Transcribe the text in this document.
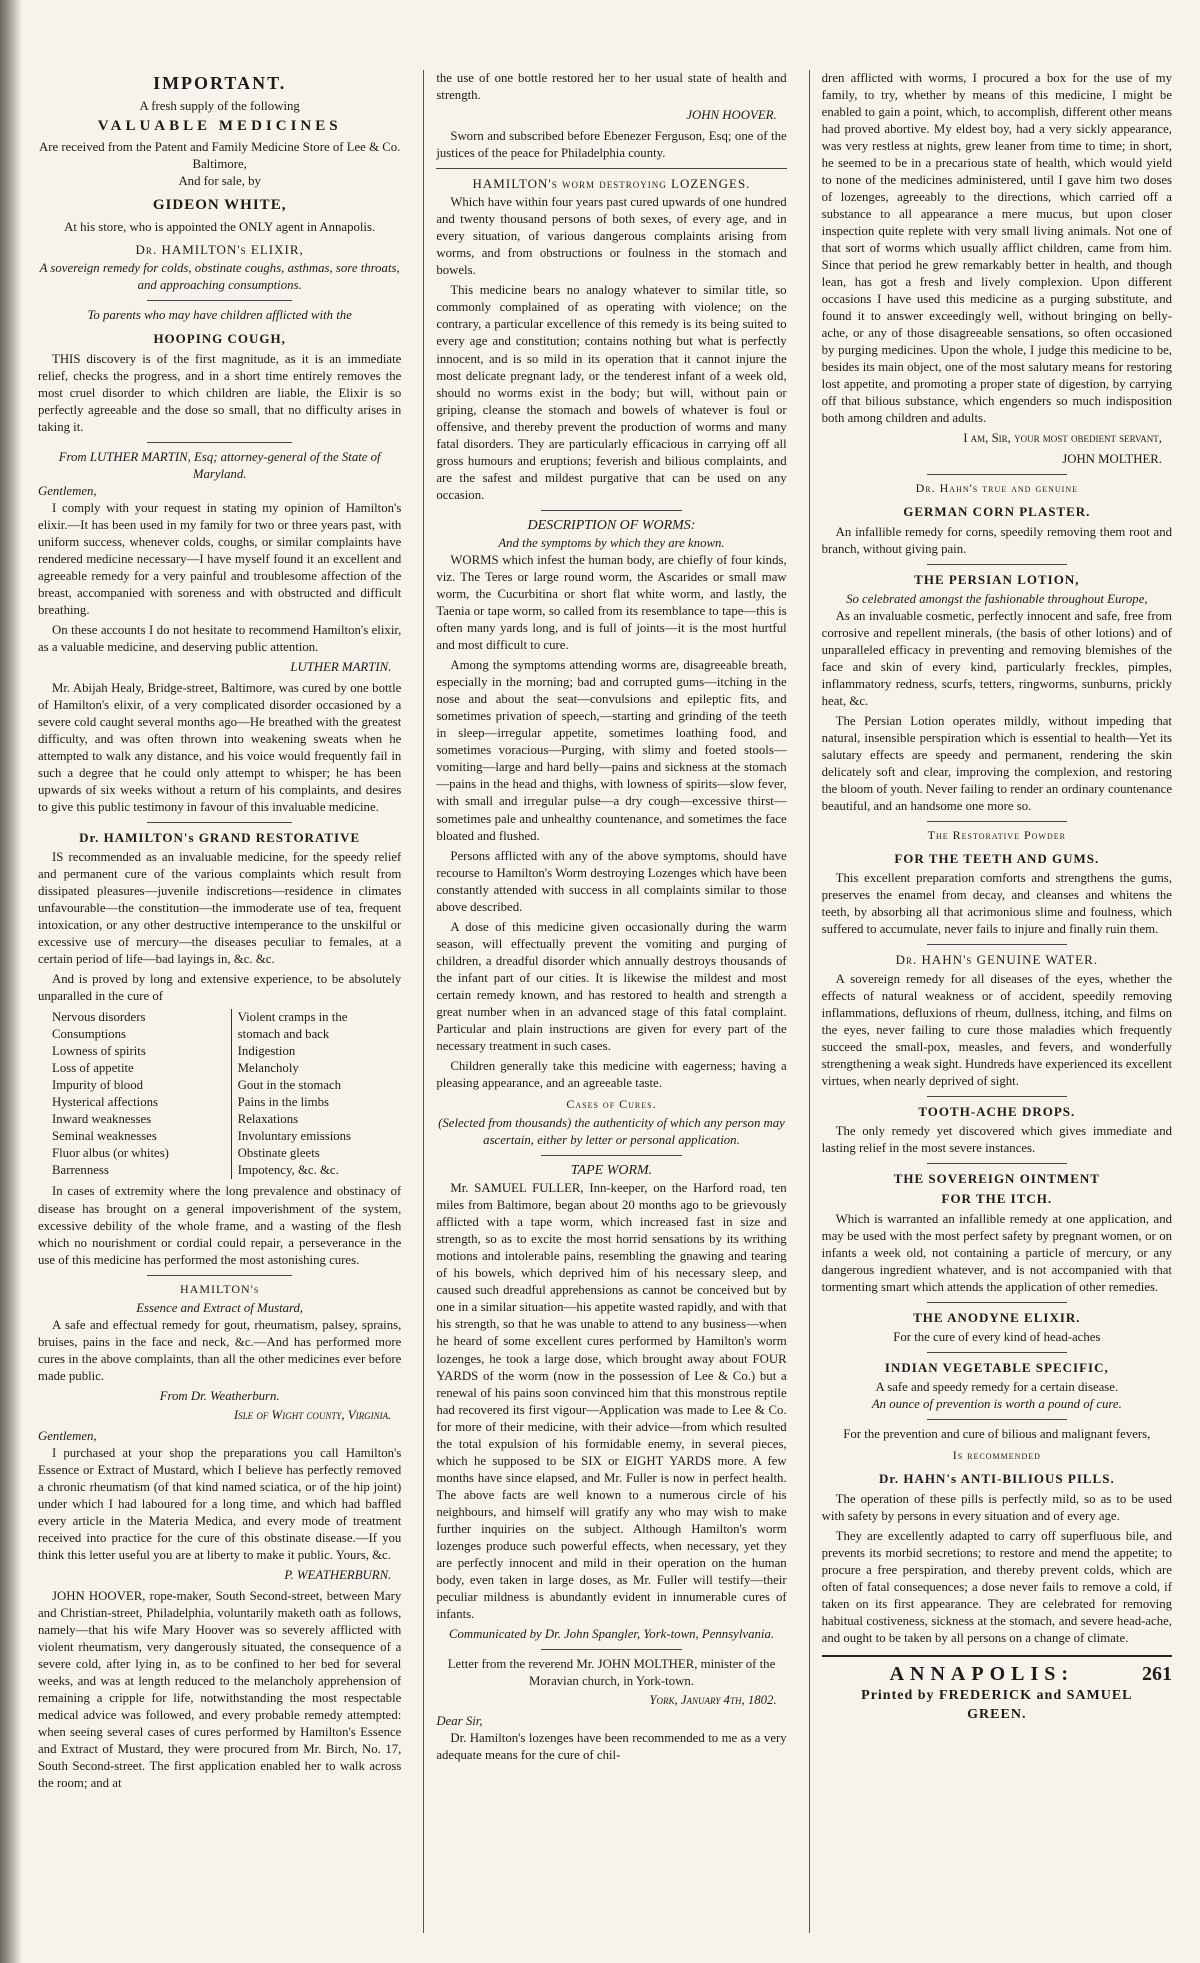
IMPORTANT.
A fresh supply of the following
VALUABLE MEDICINES
Are received from the Patent and Family Medicine Store of Lee & Co. Baltimore,
And for sale, by
GIDEON WHITE,
At his store, who is appointed the ONLY agent in Annapolis.
Dr. HAMILTON's ELIXIR,
A sovereign remedy for colds, obstinate coughs, asthmas, sore throats, and approaching consumptions.
To parents who may have children afflicted with the
HOOPING COUGH,

THIS discovery is of the first magnitude, as it is an immediate relief, checks the progress, and in a short time entirely removes the most cruel disorder to which children are liable, the Elixir is so perfectly agreeable and the dose so small, that no difficulty arises in taking it.

From LUTHER MARTIN, Esq; attorney-general of the State of Maryland.
Gentlemen,

I comply with your request in stating my opinion of Hamilton's elixir.—It has been used in my family for two or three years past, with uniform success, whenever colds, coughs, or similar complaints have rendered medicine necessary—I have myself found it an excellent and agreeable remedy for a very painful and troublesome affection of the breast, accompanied with soreness and with obstructed and difficult breathing.

On these accounts I do not hesitate to recommend Hamilton's elixir, as a valuable medicine, and deserving public attention.

LUTHER MARTIN.

Mr. Abijah Healy, Bridge-street, Baltimore, was cured by one bottle of Hamilton's elixir, of a very complicated disorder occasioned by a severe cold caught several months ago—He breathed with the greatest difficulty, and was often thrown into weakening sweats when he attempted to walk any distance, and his voice would frequently fail in such a degree that he could only attempt to whisper; he has been upwards of six weeks without a return of his complaints, and desires to give this public testimony in favour of this invaluable medicine.

Dr. HAMILTON's GRAND RESTORATIVE

IS recommended as an invaluable medicine, for the speedy relief and permanent cure of the various complaints which result from dissipated pleasures—juvenile indiscretions—residence in climates unfavourable—the constitution—the immoderate use of tea, frequent intoxication, or any other destructive intemperance to the unskilful or excessive use of mercury—the diseases peculiar to females, at a certain period of life—bad layings in, &c. &c.

And is proved by long and extensive experience, to be absolutely unparalled in the cure of

Nervous disorders
Consumptions
Lowness of spirits
Loss of appetite
Impurity of blood
Hysterical affections
Inward weaknesses
Seminal weaknesses
Fluor albus (or whites)
Barrenness
Violent cramps in the
stomach and back
Indigestion
Melancholy
Gout in the stomach
Pains in the limbs
Relaxations
Involuntary emissions
Obstinate gleets
Impotency, &c. &c.

In cases of extremity where the long prevalence and obstinacy of disease has brought on a general impoverishment of the system, excessive debility of the whole frame, and a wasting of the flesh which no nourishment or cordial could repair, a perseverance in the use of this medicine has performed the most astonishing cures.

HAMILTON's
Essence and Extract of Mustard,

A safe and effectual remedy for gout, rheumatism, palsey, sprains, bruises, pains in the face and neck, &c.—And has performed more cures in the above complaints, than all the other medicines ever before made public.

From Dr. Weatherburn.
Isle of Wight county, Virginia.
Gentlemen,

I purchased at your shop the preparations you call Hamilton's Essence or Extract of Mustard, which I believe has perfectly removed a chronic rheumatism (of that kind named sciatica, or of the hip joint) under which I had laboured for a long time, and which had baffled every article in the Materia Medica, and every mode of treatment received into practice for the cure of this obstinate disease.—If you think this letter useful you are at liberty to make it public. Yours, &c.

P. WEATHERBURN.

JOHN HOOVER, rope-maker, South Second-street, between Mary and Christian-street, Philadelphia, voluntarily maketh oath as follows, namely—that his wife Mary Hoover was so severely afflicted with violent rheumatism, very dangerously situated, the consequence of a severe cold, after lying in, as to be confined to her bed for several weeks, and was at length reduced to the melancholy apprehension of remaining a cripple for life, notwithstanding the most respectable medical advice was followed, and every probable remedy attempted: when seeing several cases of cures performed by Hamilton's Essence and Extract of Mustard, they were procured from Mr. Birch, No. 17, South Second-street. The first application enabled her to walk across the room; and at

the use of one bottle restored her to her usual state of health and strength.

JOHN HOOVER.

Sworn and subscribed before Ebenezer Ferguson, Esq; one of the justices of the peace for Philadelphia county.

HAMILTON's worm destroying LOZENGES.

Which have within four years past cured upwards of one hundred and twenty thousand persons of both sexes, of every age, and in every situation, of various dangerous complaints arising from worms, and from obstructions or foulness in the stomach and bowels.

This medicine bears no analogy whatever to similar title, so commonly complained of as operating with violence; on the contrary, a particular excellence of this remedy is its being suited to every age and constitution; contains nothing but what is perfectly innocent, and is so mild in its operation that it cannot injure the most delicate pregnant lady, or the tenderest infant of a week old, should no worms exist in the body; but will, without pain or griping, cleanse the stomach and bowels of whatever is foul or offensive, and thereby prevent the production of worms and many fatal disorders. They are particularly efficacious in carrying off all gross humours and eruptions; feverish and bilious complaints, and are the safest and mildest purgative that can be used on any occasion.

DESCRIPTION OF WORMS:
And the symptoms by which they are known.

WORMS which infest the human body, are chiefly of four kinds, viz. The Teres or large round worm, the Ascarides or small maw worm, the Cucurbitina or short flat white worm, and lastly, the Taenia or tape worm, so called from its resemblance to tape—this is often many yards long, and is full of joints—it is the most hurtful and most difficult to cure.

Among the symptoms attending worms are, disagreeable breath, especially in the morning; bad and corrupted gums—itching in the nose and about the seat—convulsions and epileptic fits, and sometimes privation of speech,—starting and grinding of the teeth in sleep—irregular appetite, sometimes loathing food, and sometimes voracious—Purging, with slimy and foeted stools—vomiting—large and hard belly—pains and sickness at the stomach—pains in the head and thighs, with lowness of spirits—slow fever, with small and irregular pulse—a dry cough—excessive thirst—sometimes pale and unhealthy countenance, and sometimes the face bloated and flushed.

Persons afflicted with any of the above symptoms, should have recourse to Hamilton's Worm destroying Lozenges which have been constantly attended with success in all complaints similar to those above described.

A dose of this medicine given occasionally during the warm season, will effectually prevent the vomiting and purging of children, a dreadful disorder which annually destroys thousands of the infant part of our cities. It is likewise the mildest and most certain remedy known, and has restored to health and strength a great number when in an advanced stage of this fatal complaint. Particular and plain instructions are given for every part of the necessary treatment in such cases.

Children generally take this medicine with eagerness; having a pleasing appearance, and an agreeable taste.

Cases of Cures.
(Selected from thousands) the authenticity of which any person may ascertain, either by letter or personal application.
TAPE WORM.

Mr. SAMUEL FULLER, Inn-keeper, on the Harford road, ten miles from Baltimore, began about 20 months ago to be grievously afflicted with a tape worm, which increased fast in size and strength, so as to excite the most horrid sensations by its writhing motions and intolerable pains, resembling the gnawing and tearing of his bowels, which deprived him of his necessary sleep, and caused such dreadful apprehensions as cannot be conceived but by one in a similar situation—his appetite wasted rapidly, and with that his strength, so that he was unable to attend to any business—when he heard of some excellent cures performed by Hamilton's worm lozenges, he took a large dose, which brought away about FOUR YARDS of the worm (now in the possession of Lee & Co.) but a renewal of his pains soon convinced him that this monstrous reptile had recovered its first vigour—Application was made to Lee & Co. for more of their medicine, with their advice—from which resulted the total expulsion of his formidable enemy, in several pieces, which he supposed to be SIX or EIGHT YARDS more. A few months have since elapsed, and Mr. Fuller is now in perfect health. The above facts are well known to a numerous circle of his neighbours, and himself will gratify any who may wish to make further inquiries on the subject. Although Hamilton's worm lozenges produce such powerful effects, when necessary, yet they are perfectly innocent and mild in their operation on the human body, even taken in large doses, as Mr. Fuller will testify—their peculiar mildness is abundantly evident in innumerable cures of infants.

Communicated by Dr. John Spangler, York-town, Pennsylvania.
Letter from the reverend Mr. JOHN MOLTHER, minister of the Moravian church, in York-town.
York, January 4th, 1802.
Dear Sir,

Dr. Hamilton's lozenges have been recommended to me as a very adequate means for the cure of chil-

dren afflicted with worms, I procured a box for the use of my family, to try, whether by means of this medicine, I might be enabled to gain a point, which, to accomplish, different other means had proved abortive. My eldest boy, had a very sickly appearance, was very restless at nights, grew leaner from time to time; in short, he seemed to be in a precarious state of health, which would yield to none of the medicines administered, until I gave him two doses of lozenges, agreeably to the directions, which carried off a substance to all appearance a mere mucus, but upon closer inspection quite replete with very small living animals. Not one of that sort of worms which usually afflict children, came from him. Since that period he grew remarkably better in health, and though lean, has got a fresh and lively complexion. Upon different occasions I have used this medicine as a purging substitute, and found it to answer exceedingly well, without bringing on belly-ache, or any of those disagreeable sensations, so often occasioned by purging medicines. Upon the whole, I judge this medicine to be, besides its main object, one of the most salutary means for restoring lost appetite, and promoting a proper state of digestion, by carrying off that bilious substance, which engenders so much indisposition both among children and adults.

I am, Sir, your most obedient servant,
JOHN MOLTHER.
Dr. Hahn's true and genuine
GERMAN CORN PLASTER.

An infallible remedy for corns, speedily removing them root and branch, without giving pain.

THE PERSIAN LOTION,
So celebrated amongst the fashionable throughout Europe,

As an invaluable cosmetic, perfectly innocent and safe, free from corrosive and repellent minerals, (the basis of other lotions) and of unparalleled efficacy in preventing and removing blemishes of the face and skin of every kind, particularly freckles, pimples, inflammatory redness, scurfs, tetters, ringworms, sunburns, prickly heat, &c.

The Persian Lotion operates mildly, without impeding that natural, insensible perspiration which is essential to health—Yet its salutary effects are speedy and permanent, rendering the skin delicately soft and clear, improving the complexion, and restoring the bloom of youth. Never failing to render an ordinary countenance beautiful, and an handsome one more so.

The Restorative Powder
FOR THE TEETH AND GUMS.

This excellent preparation comforts and strengthens the gums, preserves the enamel from decay, and cleanses and whitens the teeth, by absorbing all that acrimonious slime and foulness, which suffered to accumulate, never fails to injure and finally ruin them.

Dr. HAHN's GENUINE WATER.

A sovereign remedy for all diseases of the eyes, whether the effects of natural weakness or of accident, speedily removing inflammations, defluxions of rheum, dullness, itching, and films on the eyes, never failing to cure those maladies which frequently succeed the small-pox, measles, and fevers, and wonderfully strengthening a weak sight. Hundreds have experienced its excellent virtues, when nearly deprived of sight.

TOOTH-ACHE DROPS.

The only remedy yet discovered which gives immediate and lasting relief in the most severe instances.

THE SOVEREIGN OINTMENT
FOR THE ITCH.

Which is warranted an infallible remedy at one application, and may be used with the most perfect safety by pregnant women, or on infants a week old, not containing a particle of mercury, or any dangerous ingredient whatever, and is not accompanied with that tormenting smart which attends the application of other remedies.

THE ANODYNE ELIXIR.
For the cure of every kind of head-aches
INDIAN VEGETABLE SPECIFIC,
A safe and speedy remedy for a certain disease.
An ounce of prevention is worth a pound of cure.
For the prevention and cure of bilious and malignant fevers,
Is recommended
Dr. HAHN's ANTI-BILIOUS PILLS.

The operation of these pills is perfectly mild, so as to be used with safety by persons in every situation and of every age.

They are excellently adapted to carry off superfluous bile, and prevents its morbid secretions; to restore and mend the appetite; to procure a free perspiration, and thereby prevent colds, which are often of fatal consequences; a dose never fails to remove a cold, if taken on its first appearance. They are celebrated for removing habitual costiveness, sickness at the stomach, and severe head-ache, and ought to be taken by all persons on a change of climate.

261
ANNAPOLIS:
Printed by FREDERICK and SAMUEL
GREEN.
